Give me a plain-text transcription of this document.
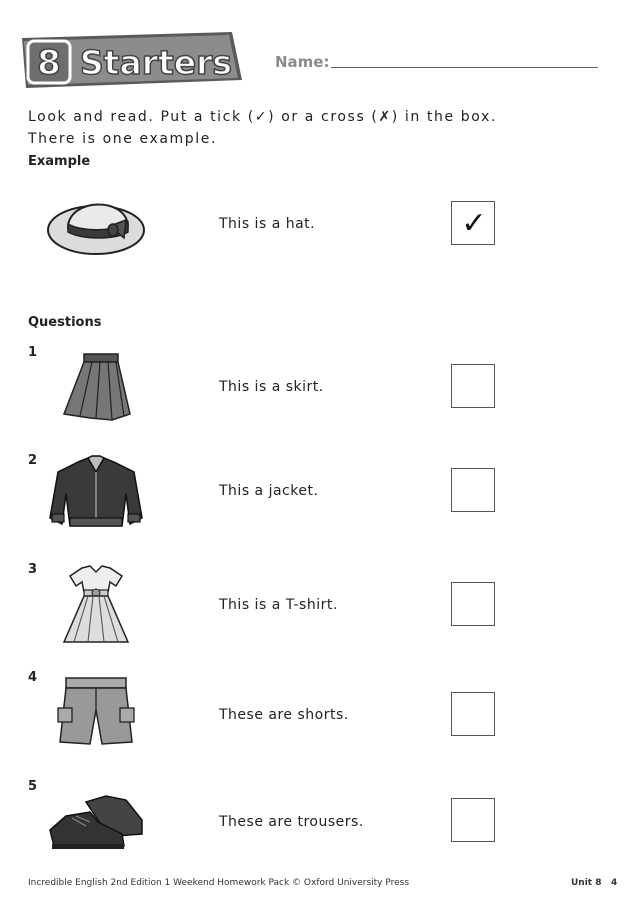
8 Starters	Name:
Look and read. Put a tick (✓) or a cross (✗) in the box.
There is one example.
Example
This is a hat.	✓
Questions
1
This is a skirt.
2
This a jacket.
3
This is a T-shirt.
4
These are shorts.
5
These are trousers.
Incredible English 2nd Edition 1 Weekend Homework Pack © Oxford University Press	Unit 8 4
